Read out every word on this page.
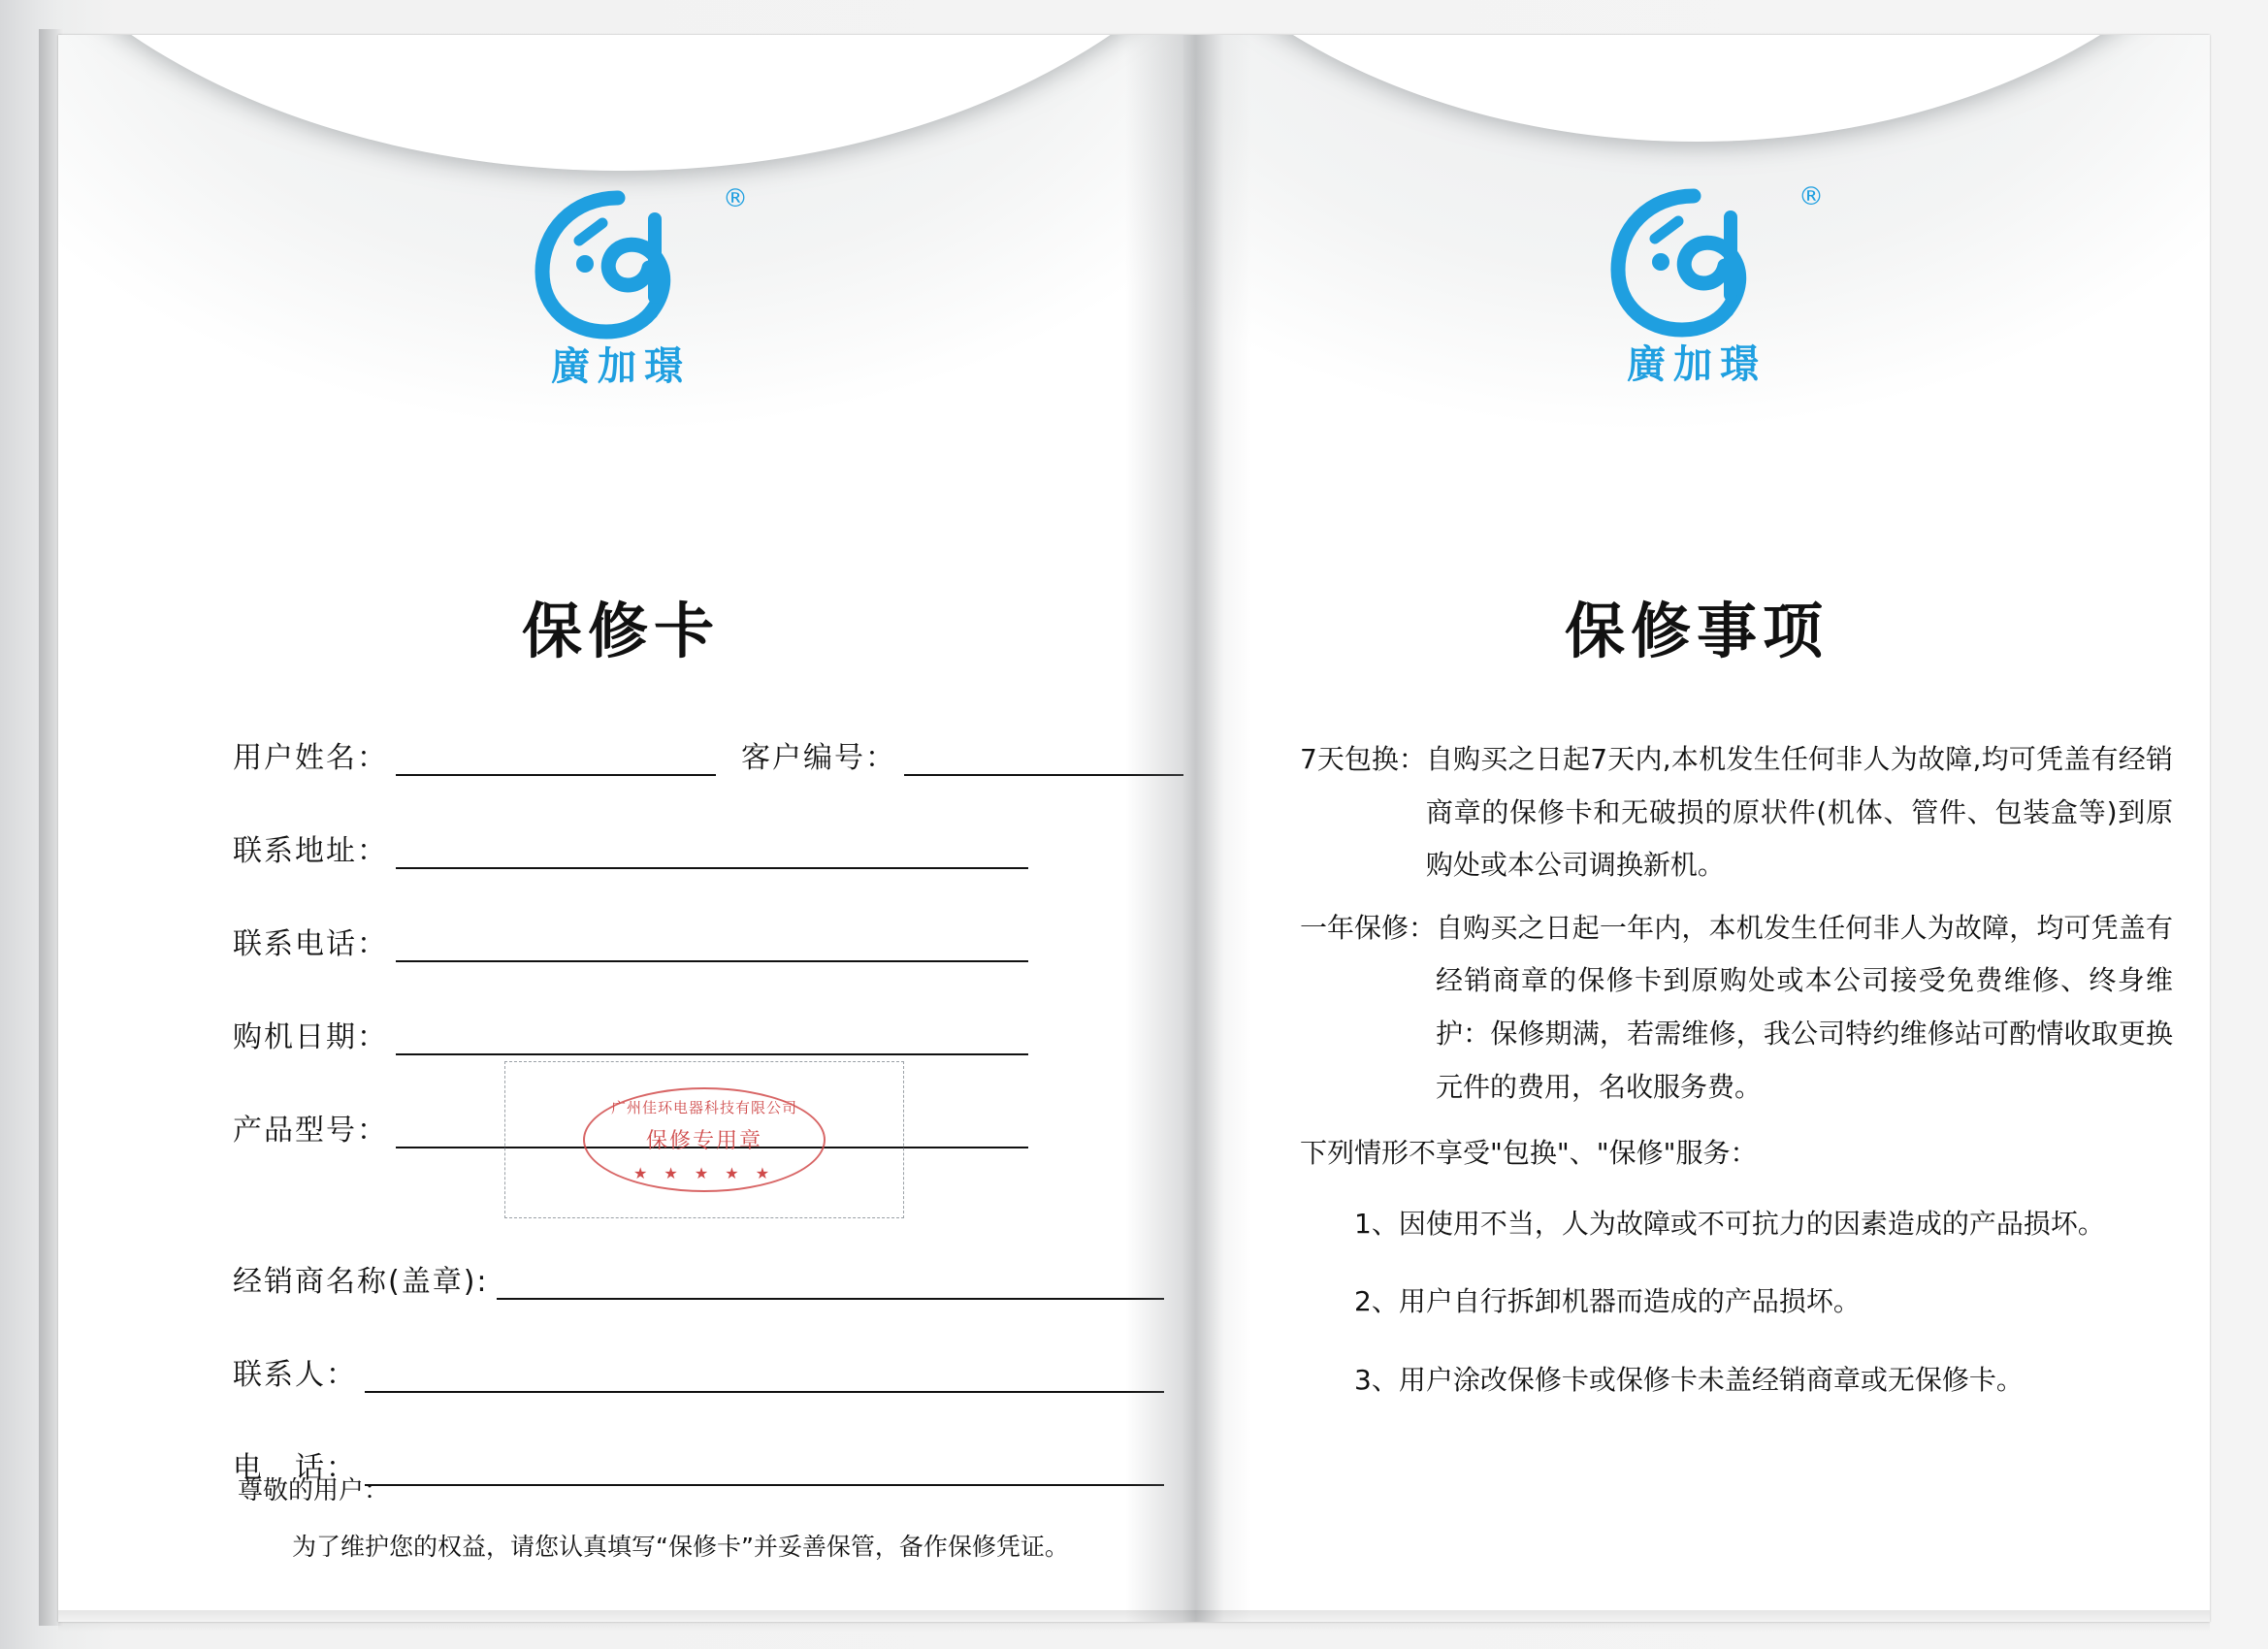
®
廣加璟
保修卡
用户姓名：	客户编号：
联系地址：
联系电话：
购机日期：
产品型号：
广州佳环电器科技有限公司
保修专用章
★ ★ ★ ★ ★
经销商名称(盖章):
联系人：
电　话：
尊敬的用户：
为了维护您的权益，请您认真填写“保修卡”并妥善保管，备作保修凭证。
®
廣加璟
保修事项
7天包换： 自购买之日起7天内,本机发生任何非人为故障,均可凭盖有经销商章的保修卡和无破损的原状件(机体、管件、包装盒等)到原购处或本公司调换新机。
一年保修： 自购买之日起一年内，本机发生任何非人为故障，均可凭盖有经销商章的保修卡到原购处或本公司接受免费维修、终身维护：保修期满，若需维修，我公司特约维修站可酌情收取更换元件的费用，名收服务费。
下列情形不享受"包换"、"保修"服务：
1、因使用不当，人为故障或不可抗力的因素造成的产品损坏。
2、用户自行拆卸机器而造成的产品损坏。
3、用户涂改保修卡或保修卡未盖经销商章或无保修卡。
